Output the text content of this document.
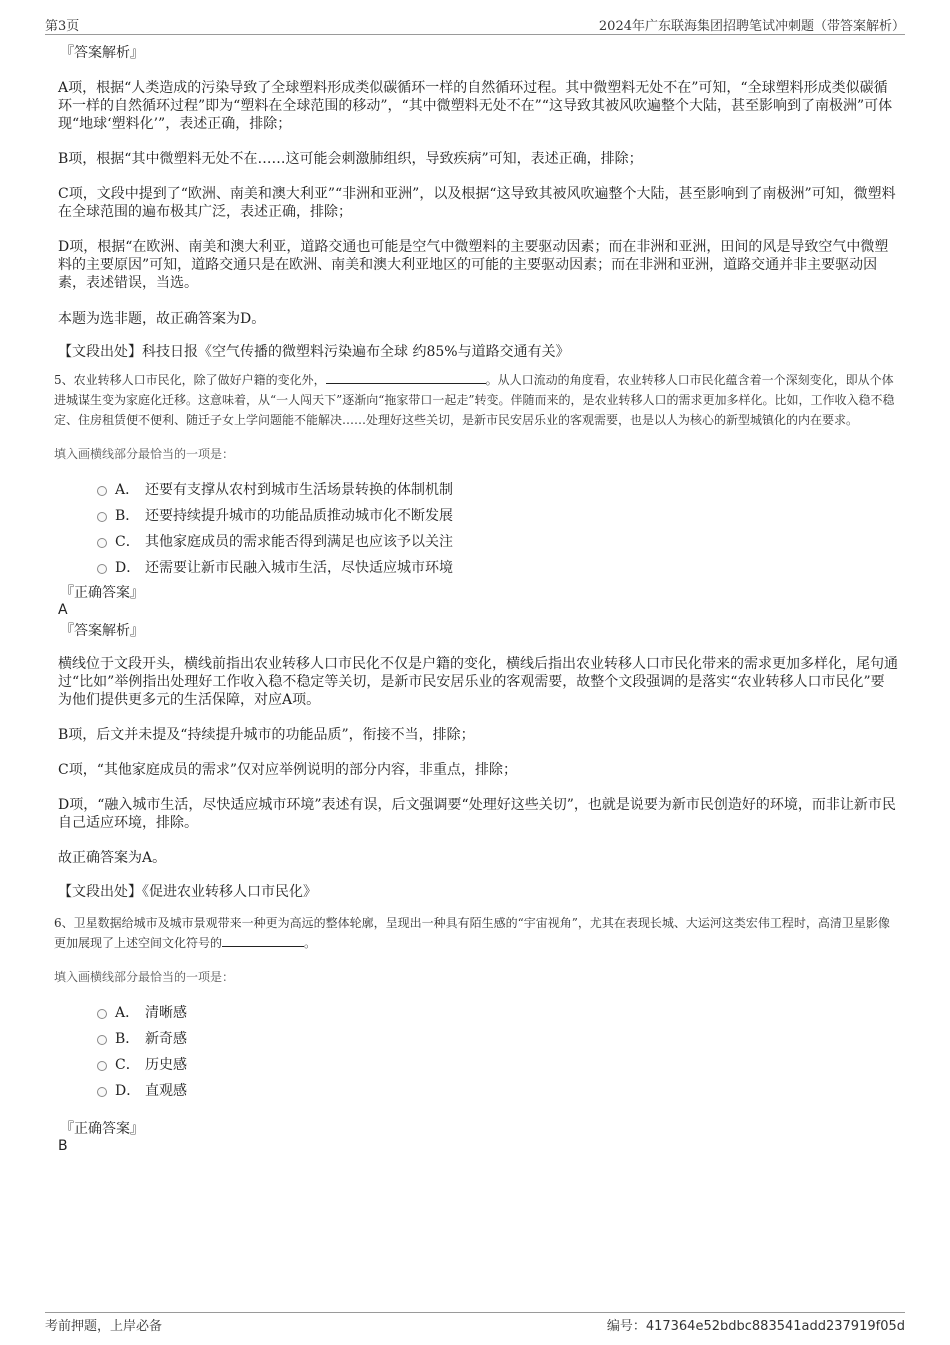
第3页	2024年广东联海集团招聘笔试冲刺题（带答案解析）
『答案解析』

A项，根据“人类造成的污染导致了全球塑料形成类似碳循环一样的自然循环过程。其中微塑料无处不在”可知，“全球塑料形成类似碳循环一样的自然循环过程”即为“塑料在全球范围的移动”，“其中微塑料无处不在”“这导致其被风吹遍整个大陆，甚至影响到了南极洲”可体现“地球‘塑料化’”，表述正确，排除；

B项，根据“其中微塑料无处不在……这可能会刺激肺组织，导致疾病”可知，表述正确，排除；

C项，文段中提到了“欧洲、南美和澳大利亚”“非洲和亚洲”，以及根据“这导致其被风吹遍整个大陆，甚至影响到了南极洲”可知，微塑料在全球范围的遍布极其广泛，表述正确，排除；

D项，根据“在欧洲、南美和澳大利亚，道路交通也可能是空气中微塑料的主要驱动因素；而在非洲和亚洲，田间的风是导致空气中微塑料的主要原因”可知，道路交通只是在欧洲、南美和澳大利亚地区的可能的主要驱动因素；而在非洲和亚洲，道路交通并非主要驱动因素，表述错误，当选。

本题为选非题，故正确答案为D。

【文段出处】科技日报《空气传播的微塑料污染遍布全球 约85%与道路交通有关》
5、农业转移人口市民化，除了做好户籍的变化外，	。从人口流动的角度看，农业转移人口市民化蕴含着一个深刻变化，即从个体进城谋生变为家庭化迁移。这意味着，从“一人闯天下”逐渐向“拖家带口一起走”转变。伴随而来的，是农业转移人口的需求更加多样化。比如，工作收入稳不稳定、住房租赁便不便利、随迁子女上学问题能不能解决……处理好这些关切，是新市民安居乐业的客观需要，也是以人为核心的新型城镇化的内在要求。
填入画横线部分最恰当的一项是：
A． 还要有支撑从农村到城市生活场景转换的体制机制
B． 还要持续提升城市的功能品质推动城市化不断发展
C． 其他家庭成员的需求能否得到满足也应该予以关注
D． 还需要让新市民融入城市生活，尽快适应城市环境
『正确答案』
A
『答案解析』

横线位于文段开头，横线前指出农业转移人口市民化不仅是户籍的变化，横线后指出农业转移人口市民化带来的需求更加多样化，尾句通过“比如”举例指出处理好工作收入稳不稳定等关切，是新市民安居乐业的客观需要，故整个文段强调的是落实“农业转移人口市民化”要为他们提供更多元的生活保障，对应A项。

B项，后文并未提及“持续提升城市的功能品质”，衔接不当，排除；

C项，“其他家庭成员的需求”仅对应举例说明的部分内容，非重点，排除；

D项，“融入城市生活，尽快适应城市环境”表述有误，后文强调要“处理好这些关切”，也就是说要为新市民创造好的环境，而非让新市民自己适应环境，排除。

故正确答案为A。

【文段出处】《促进农业转移人口市民化》
6、卫星数据给城市及城市景观带来一种更为高远的整体轮廓，呈现出一种具有陌生感的“宇宙视角”，尤其在表现长城、大运河这类宏伟工程时，高清卫星影像更加展现了上述空间文化符号的	。
填入画横线部分最恰当的一项是：
A． 清晰感
B． 新奇感
C． 历史感
D． 直观感
『正确答案』
B
考前押题，上岸必备	编号：417364e52bdbc883541add237919f05d
